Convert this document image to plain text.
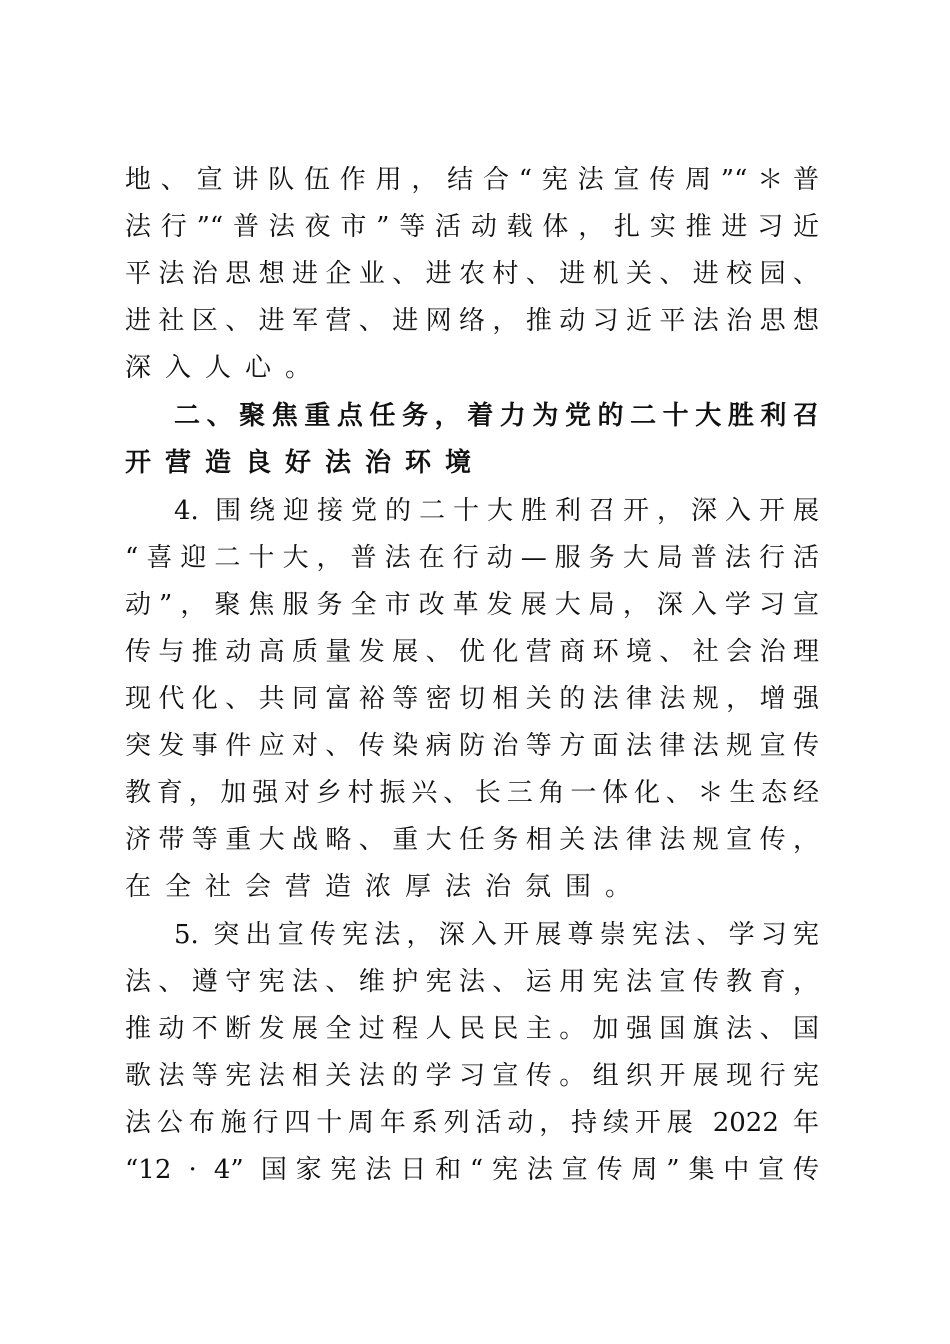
地、宣讲队伍作用，结合“宪法宣传周”“＊普
法行”“普法夜市”等活动载体，扎实推进习近
平法治思想进企业、进农村、进机关、进校园、
进社区、进军营、进网络，推动习近平法治思想
深入人心。
二、聚焦重点任务，着力为党的二十大胜利召
开营造良好法治环境
4. 围绕迎接党的二十大胜利召开，深入开展
“喜迎二十大，普法在行动—服务大局普法行活
动”，聚焦服务全市改革发展大局，深入学习宣
传与推动高质量发展、优化营商环境、社会治理
现代化、共同富裕等密切相关的法律法规，增强
突发事件应对、传染病防治等方面法律法规宣传
教育，加强对乡村振兴、长三角一体化、＊生态经
济带等重大战略、重大任务相关法律法规宣传，
在全社会营造浓厚法治氛围。
5. 突出宣传宪法，深入开展尊崇宪法、学习宪
法、遵守宪法、维护宪法、运用宪法宣传教育，
推动不断发展全过程人民民主。加强国旗法、国
歌法等宪法相关法的学习宣传。组织开展现行宪
法公布施行四十周年系列活动，持续开展 2022 年
“12 · 4” 国家宪法日和“宪法宣传周”集中宣传
